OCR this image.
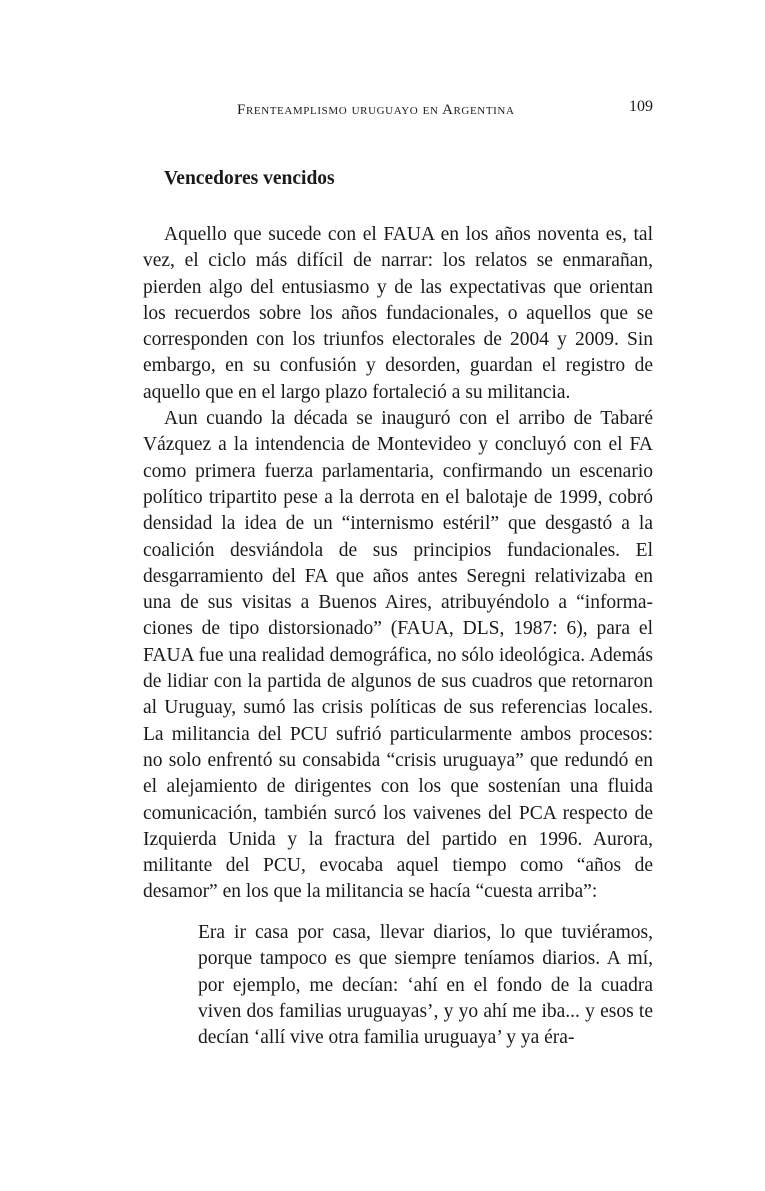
Frenteamplismo uruguayo en Argentina	109
Vencedores vencidos

Aquello que sucede con el FAUA en los años noventa es, tal vez, el ciclo más difícil de narrar: los relatos se enmarañan, pierden algo del entusiasmo y de las expectativas que orientan los recuerdos sobre los años fundacionales, o aquellos que se corresponden con los triunfos electorales de 2004 y 2009. Sin embargo, en su confusión y desorden, guardan el registro de aquello que en el largo plazo fortaleció a su militancia.

Aun cuando la década se inauguró con el arribo de Tabaré Vázquez a la intendencia de Montevideo y concluyó con el FA como primera fuerza parlamentaria, confirmando un escenario político tripartito pese a la derrota en el balotaje de 1999, cobró densidad la idea de un “internismo estéril” que desgastó a la coalición desviándola de sus principios fundacionales. El desgarramiento del FA que años antes Seregni relativizaba en una de sus visitas a Buenos Aires, atribuyéndolo a “informaciones de tipo distorsionado” (FAUA, DLS, 1987: 6), para el FAUA fue una realidad demográfica, no sólo ideológica. Además de lidiar con la partida de algunos de sus cuadros que retornaron al Uruguay, sumó las crisis políticas de sus referencias locales. La militancia del PCU sufrió particularmente ambos procesos: no solo enfrentó su consabida “crisis uruguaya” que redundó en el alejamiento de dirigentes con los que sostenían una fluida comunicación, también surcó los vaivenes del PCA respecto de Izquierda Unida y la fractura del partido en 1996. Aurora, militante del PCU, evocaba aquel tiempo como “años de desamor” en los que la militancia se hacía “cuesta arriba”:

Era ir casa por casa, llevar diarios, lo que tuviéramos, porque tampoco es que siempre teníamos diarios. A mí, por ejemplo, me decían: ‘ahí en el fondo de la cuadra viven dos familias uruguayas’, y yo ahí me iba... y esos te decían ‘allí vive otra familia uruguaya’ y ya éra-
